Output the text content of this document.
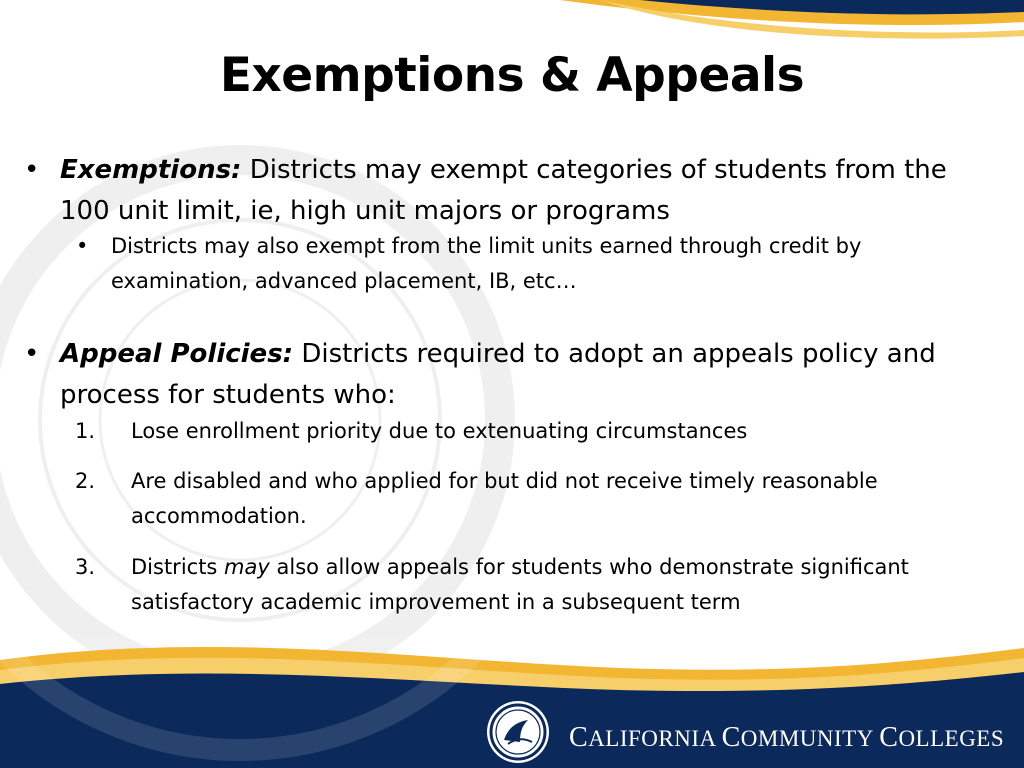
Exemptions & Appeals
• Exemptions: Districts may exempt categories of students from the 100 unit limit, ie, high unit majors or programs
• Districts may also exempt from the limit units earned through credit by examination, advanced placement, IB, etc…
• Appeal Policies: Districts required to adopt an appeals policy and process for students who:
1. Lose enrollment priority due to extenuating circumstances
2. Are disabled and who applied for but did not receive timely reasonable accommodation.
3. Districts may also allow appeals for students who demonstrate significant satisfactory academic improvement in a subsequent term
CALIFORNIA COMMUNITY COLLEGES
